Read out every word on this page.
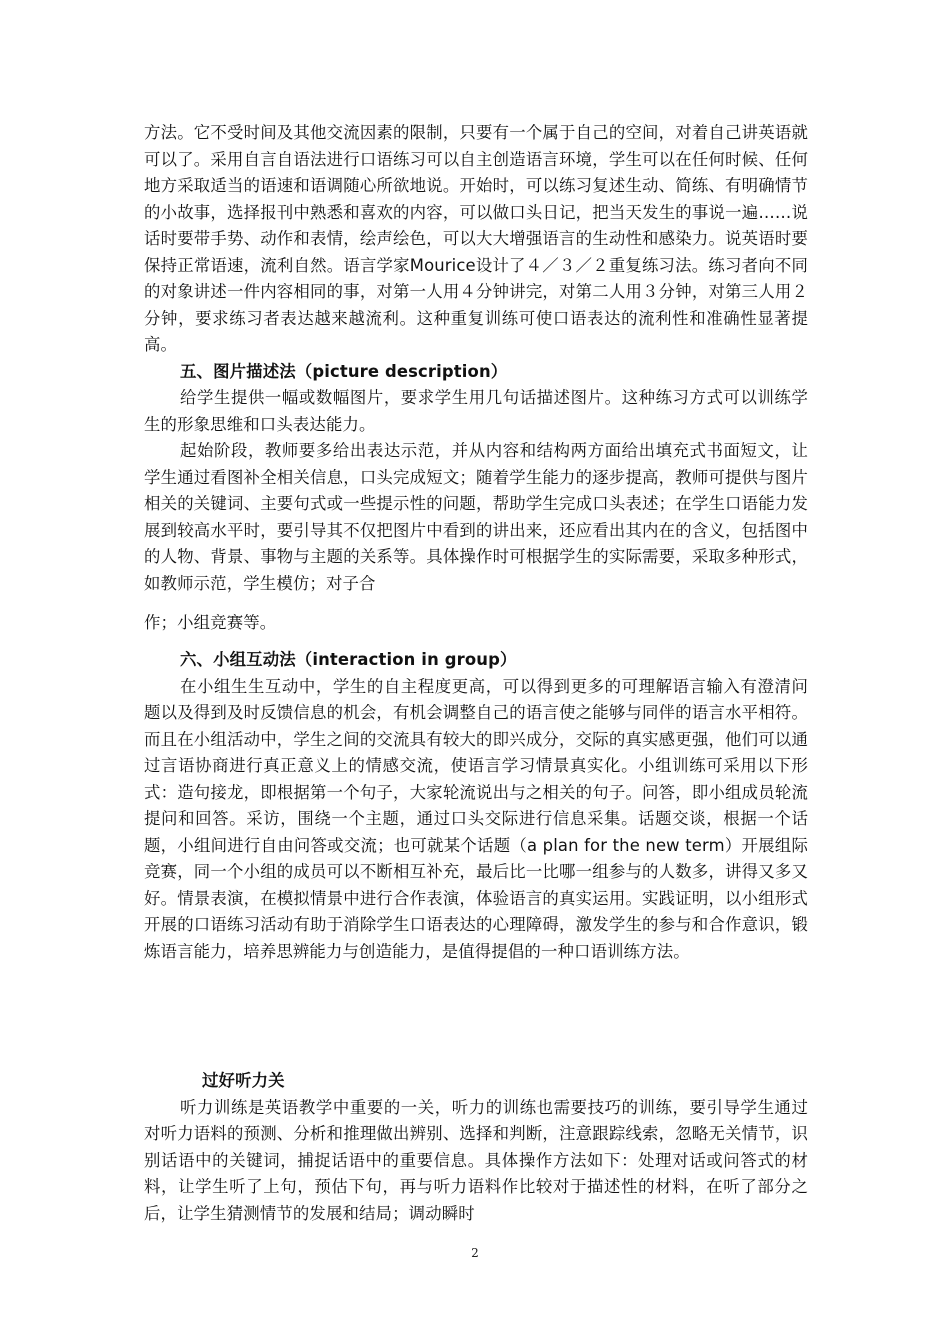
方法。它不受时间及其他交流因素的限制，只要有一个属于自己的空间，对着自己讲英语就可以了。采用自言自语法进行口语练习可以自主创造语言环境，学生可以在任何时候、任何地方采取适当的语速和语调随心所欲地说。开始时，可以练习复述生动、简练、有明确情节的小故事，选择报刊中熟悉和喜欢的内容，可以做口头日记，把当天发生的事说一遍……说话时要带手势、动作和表情，绘声绘色，可以大大增强语言的生动性和感染力。说英语时要保持正常语速，流利自然。语言学家Mourice设计了４／３／２重复练习法。练习者向不同的对象讲述一件内容相同的事，对第一人用４分钟讲完，对第二人用３分钟，对第三人用２分钟，要求练习者表达越来越流利。这种重复训练可使口语表达的流利性和准确性显著提高。

五、图片描述法（picture description）

给学生提供一幅或数幅图片，要求学生用几句话描述图片。这种练习方式可以训练学生的形象思维和口头表达能力。

起始阶段，教师要多给出表达示范，并从内容和结构两方面给出填充式书面短文，让学生通过看图补全相关信息，口头完成短文；随着学生能力的逐步提高，教师可提供与图片相关的关键词、主要句式或一些提示性的问题，帮助学生完成口头表述；在学生口语能力发展到较高水平时，要引导其不仅把图片中看到的讲出来，还应看出其内在的含义，包括图中的人物、背景、事物与主题的关系等。具体操作时可根据学生的实际需要，采取多种形式，如教师示范，学生模仿；对子合

作；小组竞赛等。

六、小组互动法（interaction in group）

在小组生生互动中，学生的自主程度更高，可以得到更多的可理解语言输入有澄清问题以及得到及时反馈信息的机会，有机会调整自己的语言使之能够与同伴的语言水平相符。而且在小组活动中，学生之间的交流具有较大的即兴成分，交际的真实感更强，他们可以通过言语协商进行真正意义上的情感交流，使语言学习情景真实化。小组训练可采用以下形式：造句接龙，即根据第一个句子，大家轮流说出与之相关的句子。问答，即小组成员轮流提问和回答。采访，围绕一个主题，通过口头交际进行信息采集。话题交谈，根据一个话题，小组间进行自由问答或交流；也可就某个话题（a plan for the new term）开展组际竞赛，同一个小组的成员可以不断相互补充，最后比一比哪一组参与的人数多，讲得又多又好。情景表演，在模拟情景中进行合作表演，体验语言的真实运用。实践证明，以小组形式开展的口语练习活动有助于消除学生口语表达的心理障碍，激发学生的参与和合作意识，锻炼语言能力，培养思辨能力与创造能力，是值得提倡的一种口语训练方法。

过好听力关

听力训练是英语教学中重要的一关，听力的训练也需要技巧的训练，要引导学生通过对听力语料的预测、分析和推理做出辨别、选择和判断，注意跟踪线索，忽略无关情节，识别话语中的关键词，捕捉话语中的重要信息。具体操作方法如下：处理对话或问答式的材料，让学生听了上句，预估下句，再与听力语料作比较对于描述性的材料，在听了部分之后，让学生猜测情节的发展和结局；调动瞬时

2
